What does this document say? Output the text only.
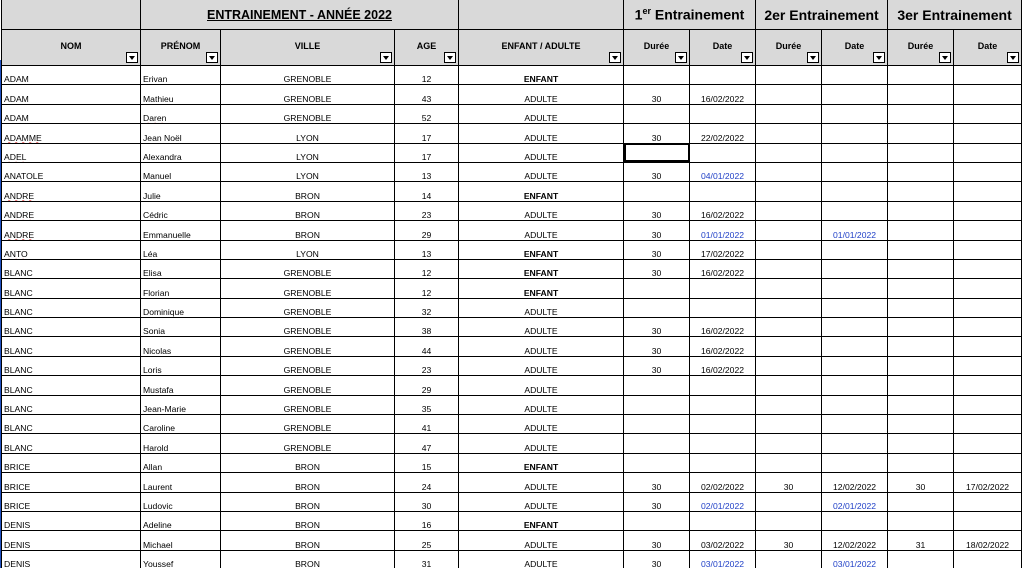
	ENTRAINEMENT - ANNÉE 2022				1er Entrainement		2er Entrainement		3er Entrainement	
NOM	PRÉNOM	VILLE	AGE	ENFANT / ADULTE	Durée	Date	Durée	Date	Durée	Date

ADAM	Erivan	GRENOBLE	12	ENFANT						
ADAM	Mathieu	GRENOBLE	43	ADULTE	30	16/02/2022				
ADAM	Daren	GRENOBLE	52	ADULTE						
ADAMME	Jean Noël	LYON	17	ADULTE	30	22/02/2022				
ADEL	Alexandra	LYON	17	ADULTE						
ANATOLE	Manuel	LYON	13	ADULTE	30	04/01/2022				
ANDRE	Julie	BRON	14	ENFANT						
ANDRE	Cédric	BRON	23	ADULTE	30	16/02/2022				
ANDRE	Emmanuelle	BRON	29	ADULTE	30	01/01/2022		01/01/2022		
ANTO	Léa	LYON	13	ENFANT	30	17/02/2022				
BLANC	Elisa	GRENOBLE	12	ENFANT	30	16/02/2022				
BLANC	Florian	GRENOBLE	12	ENFANT						
BLANC	Dominique	GRENOBLE	32	ADULTE						
BLANC	Sonia	GRENOBLE	38	ADULTE	30	16/02/2022				
BLANC	Nicolas	GRENOBLE	44	ADULTE	30	16/02/2022				
BLANC	Loris	GRENOBLE	23	ADULTE	30	16/02/2022				
BLANC	Mustafa	GRENOBLE	29	ADULTE						
BLANC	Jean-Marie	GRENOBLE	35	ADULTE						
BLANC	Caroline	GRENOBLE	41	ADULTE						
BLANC	Harold	GRENOBLE	47	ADULTE						
BRICE	Allan	BRON	15	ENFANT						
BRICE	Laurent	BRON	24	ADULTE	30	02/02/2022	30	12/02/2022	30	17/02/2022
BRICE	Ludovic	BRON	30	ADULTE	30	02/01/2022		02/01/2022		
DENIS	Adeline	BRON	16	ENFANT						
DENIS	Michael	BRON	25	ADULTE	30	03/02/2022	30	12/02/2022	31	18/02/2022
DENIS	Youssef	BRON	31	ADULTE	30	03/01/2022		03/01/2022		
